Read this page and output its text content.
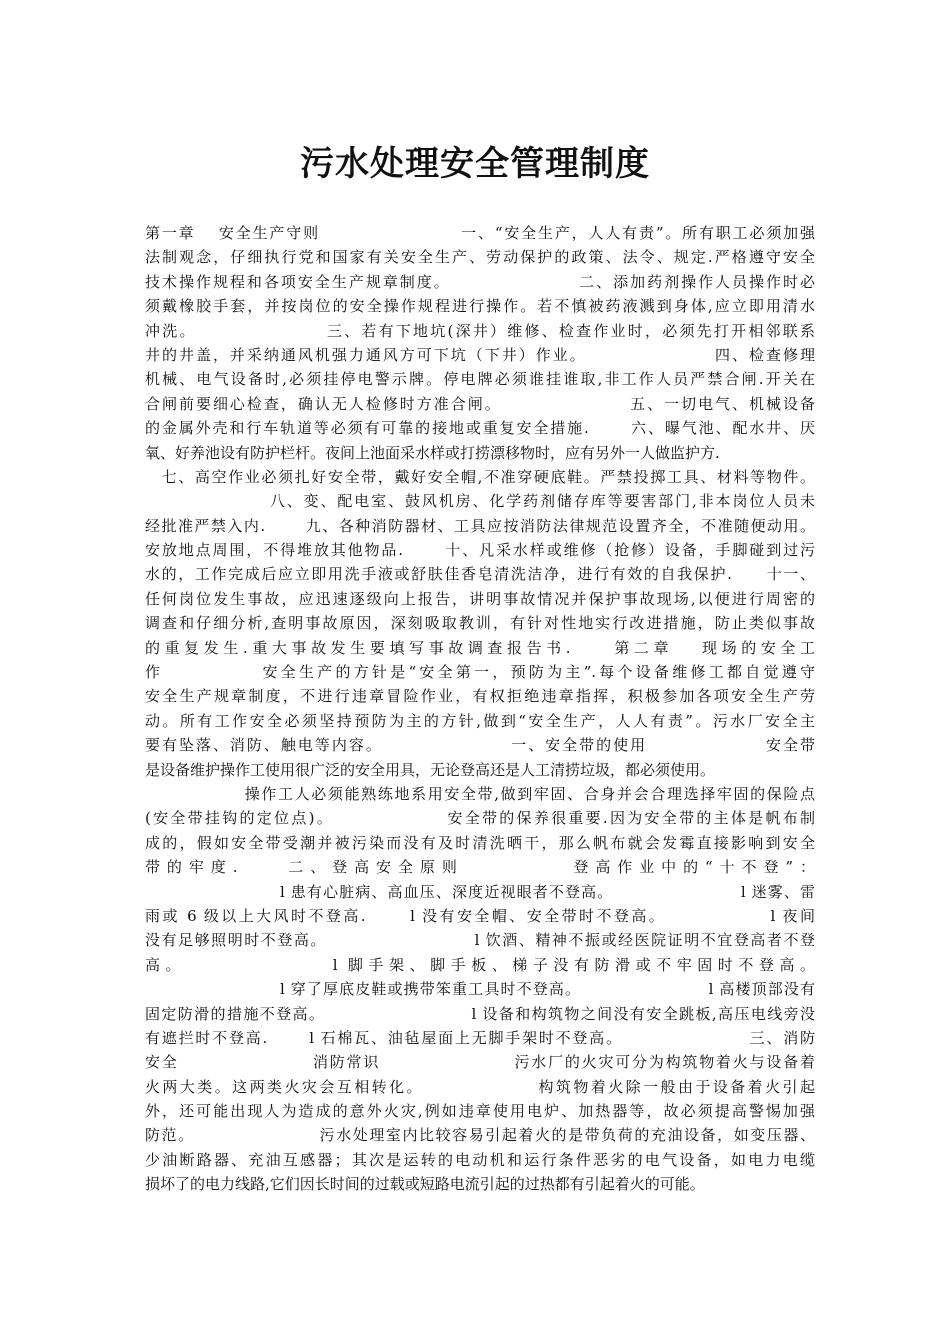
污水处理安全管理制度
第一章　 安全生产守则　　　　　　　　 一、“安全生产，人人有责”。所有职工必须加强
法制观念，仔细执行党和国家有关安全生产、劳动保护的政策、法令、规定.严格遵守安全
技术操作规程和各项安全生产规章制度。　　　　　　　　二、添加药剂操作人员操作时必
须戴橡胶手套，并按岗位的安全操作规程进行操作。若不慎被药液溅到身体,应立即用清水
冲洗。　　　　　　　　三、若有下地坑(深井）维修、检查作业时，必须先打开相邻联系
井的井盖，并采纳通风机强力通风方可下坑（下井）作业。　　　　　　　　四、检查修理
机械、电气设备时,必须挂停电警示牌。停电牌必须谁挂谁取,非工作人员严禁合闸.开关在
合闸前要细心检查，确认无人检修时方准合闸。　　　　　　　　五、一切电气、机械设备
的金属外壳和行车轨道等必须有可靠的接地或重复安全措施.　　 六、曝气池、配水井、厌
氧、好养池设有防护栏杆。夜间上池面采水样或打捞漂移物时，应有另外一人做监护方.
　七、高空作业必须扎好安全带，戴好安全帽,不准穿硬底鞋。严禁投掷工具、材料等物件。
　　　　　　　 八、变、配电室、鼓风机房、化学药剂储存库等要害部门,非本岗位人员未
经批准严禁入内.　　 九、各种消防器材、工具应按消防法律规范设置齐全，不准随便动用。
安放地点周围，不得堆放其他物品.　　 十、凡采水样或维修（抢修）设备，手脚碰到过污
水的，工作完成后应立即用洗手液或舒肤佳香皂清洗洁净，进行有效的自我保护.　　十一、
任何岗位发生事故，应迅速逐级向上报告，讲明事故情况并保护事故现场,以便进行周密的
调查和仔细分析,查明事故原因，深刻吸取教训，有针对性地实行改进措施，防止类似事故
的重复发生.重大事故发生要填写事故调查报告书.　　第二章　 现场的安全工
作　　　　　 安全生产的方针是“安全第一，预防为主”.每个设备维修工都自觉遵守
安全生产规章制度，不进行违章冒险作业，有权拒绝违章指挥，积极参加各项安全生产劳
动。所有工作安全必须坚持预防为主的方针,做到“安全生产，人人有责”。污水厂安全主
要有坠落、消防、触电等内容。　　　　　　　　一、安全带的使用　　　　　　　安全带
是设备维护操作工使用很广泛的安全用具，无论登高还是人工清捞垃圾，都必须使用。
　　　　　　操作工人必须能熟练地系用安全带,做到牢固、合身并会合理选择牢固的保险点
(安全带挂钩的定位点)。　　　　　　　安全带的保养很重要.因为安全带的主体是帆布制
成的，假如安全带受潮并被污染而没有及时清洗晒干，那么帆布就会发霉直接影响到安全
带的牢度.　　二、登高安全原则　　　　　登高作业中的“十不登”：
　　　　　　　　 l 患有心脏病、高血压、深度近视眼者不登高。　　　　　　　　 l 迷雾、雷
雨或 6 级以上大风时不登高.　　 l 没有安全帽、安全带时不登高。　　　　　　 l 夜间
没有足够照明时不登高。　　　　　　　　　 l 饮酒、精神不振或经医院证明不宜登高者不登
高。　　　　　　　 l 脚手架、脚手板、梯子没有防滑或不牢固时不登高。
　　　　　　　　 l 穿了厚底皮鞋或携带笨重工具时不登高。　　　　　　　　 l 高楼顶部没有
固定防滑的措施不登高。　　　　　　　　　 l 设备和构筑物之间没有安全跳板,高压电线旁没
有遮拦时不登高.　　 l 石棉瓦、油毡屋面上无脚手架时不登高。　　　　　　　　三、消防
安全　　　　　　　　消防常识　　　　　　　　污水厂的火灾可分为构筑物着火与设备着
火两大类。这两类火灾会互相转化。　　　　　　　构筑物着火除一般由于设备着火引起
外，还可能出现人为造成的意外火灾,例如违章使用电炉、加热器等，故必须提高警惕加强
防范。　　　　　　　　污水处理室内比较容易引起着火的是带负荷的充油设备，如变压器、
少油断路器、充油互感器；其次是运转的电动机和运行条件恶劣的电气设备，如电力电缆
损坏了的电力线路,它们因长时间的过载或短路电流引起的过热都有引起着火的可能。
